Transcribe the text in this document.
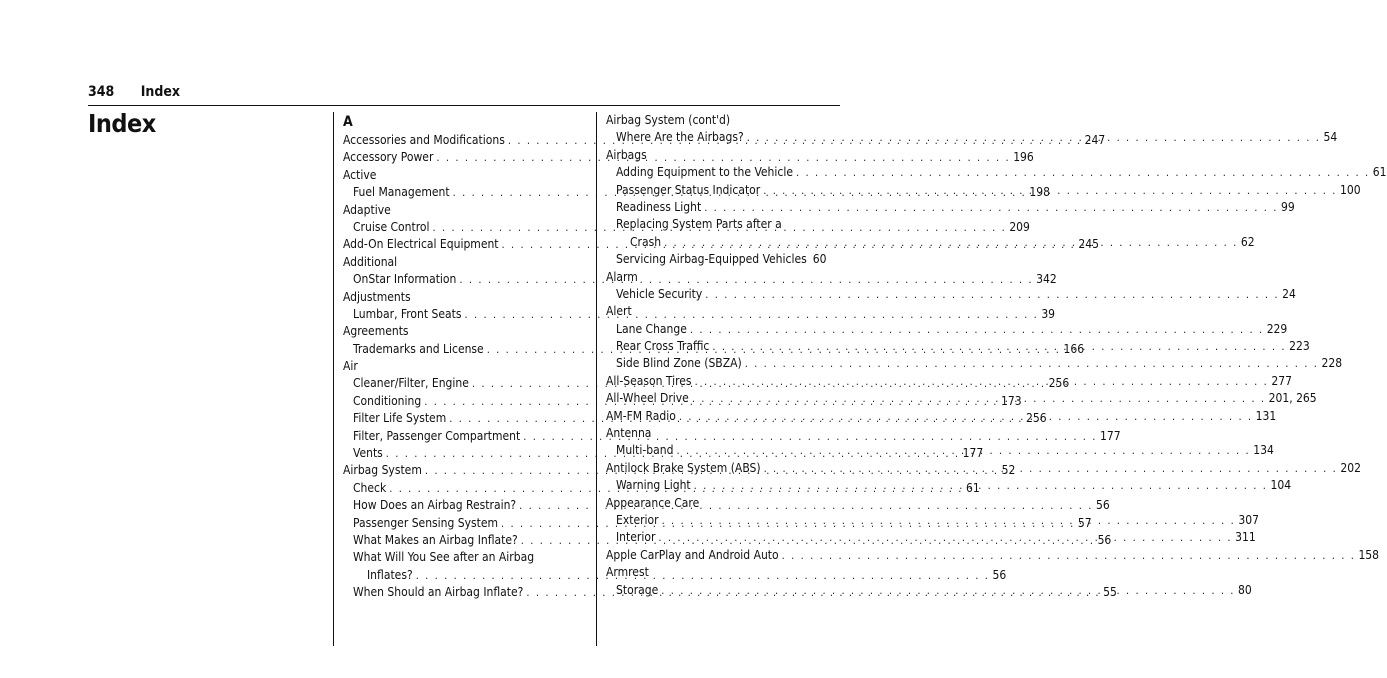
348 Index
Index	A
Accessories and Modifications . . .	247
Accessory Power . . .	196
Active
Fuel Management . . .	198
Adaptive
Cruise Control . . .	209
Add-On Electrical Equipment . . .	245
Additional
OnStar Information . . .	342
Adjustments
Lumbar, Front Seats . . .	39
Agreements
Trademarks and License . . .	166
Air
Cleaner/Filter, Engine . . .	256
Conditioning . . .	173
Filter Life System . . .	256
Filter, Passenger Compartment . . .	177
Vents . . .	177
Airbag System . . .	52
Check . . .	61
How Does an Airbag Restrain? . . .	56
Passenger Sensing System . . .	57
What Makes an Airbag Inflate? . . .	56
What Will You See after an Airbag
Inflates? . . .	56
When Should an Airbag Inflate? . . .	55
Airbag System (cont'd)
Where Are the Airbags? . . .	54
Airbags
Adding Equipment to the Vehicle . . .	61
Passenger Status Indicator . . .	100
Readiness Light . . .	99
Replacing System Parts after a
Crash . . .	62
Servicing Airbag-Equipped Vehicles 60
Alarm
Vehicle Security . . .	24
Alert
Lane Change . . .	229
Rear Cross Traffic . . .	223
Side Blind Zone (SBZA) . . .	228
All-Season Tires . . .	277
All-Wheel Drive . . .	201, 265
AM-FM Radio . . .	131
Antenna
Multi-band . . .	134
Antilock Brake System (ABS) . . .	202
Warning Light . . .	104
Appearance Care
Exterior . . .	307
Interior . . .	311
Apple CarPlay and Android Auto . . .	158
Armrest
Storage . . .	80
